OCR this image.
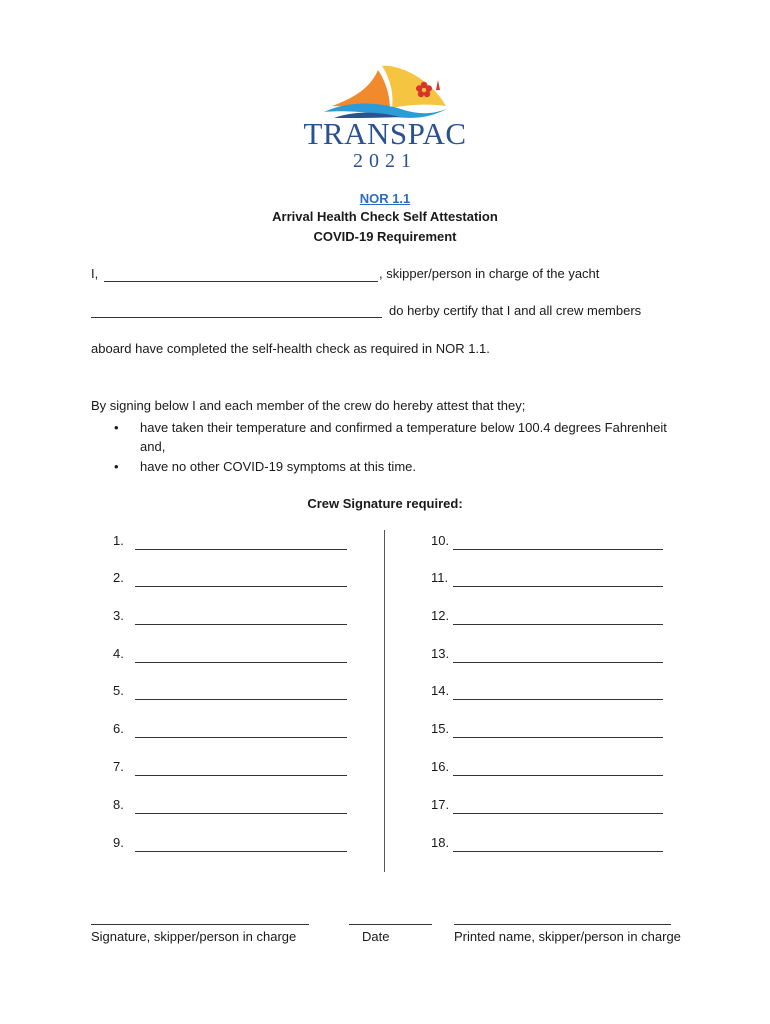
TRANSPAC
2021
NOR 1.1
Arrival Health Check Self Attestation
COVID-19 Requirement
I,	, skipper/person in charge of the yacht
do herby certify that I and all crew members
aboard have completed the self-health check as required in NOR 1.1.
By signing below I and each member of the crew do hereby attest that they;
• have taken their temperature and confirmed a temperature below 100.4 degrees Fahrenheit and,
• have no other COVID-19 symptoms at this time.
Crew Signature required:
1.
2.
3.
4.
5.
6.
7.
8.
9.
10.
11.
12.
13.
14.
15.
16.
17.
18.
Signature, skipper/person in charge	Date	Printed name, skipper/person in charge
